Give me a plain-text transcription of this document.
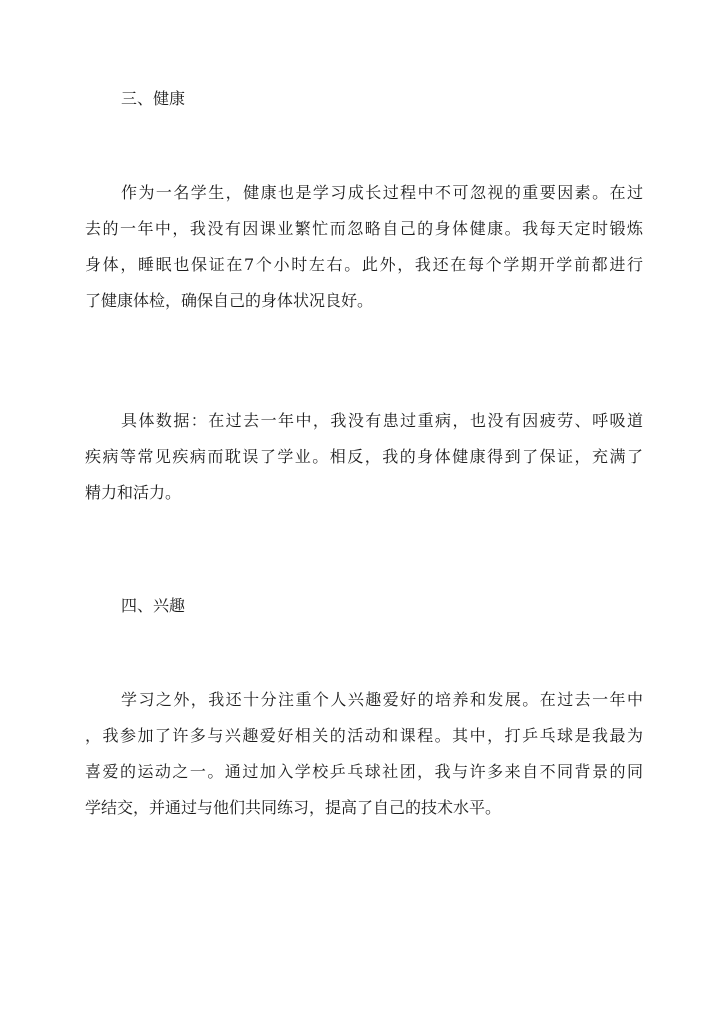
三、健康
作为一名学生，健康也是学习成长过程中不可忽视的重要因素。在过
去的一年中，我没有因课业繁忙而忽略自己的身体健康。我每天定时锻炼
身体，睡眠也保证在7个小时左右。此外，我还在每个学期开学前都进行
了健康体检，确保自己的身体状况良好。
具体数据：在过去一年中，我没有患过重病，也没有因疲劳、呼吸道
疾病等常见疾病而耽误了学业。相反，我的身体健康得到了保证，充满了
精力和活力。
四、兴趣
学习之外，我还十分注重个人兴趣爱好的培养和发展。在过去一年中
，我参加了许多与兴趣爱好相关的活动和课程。其中，打乒乓球是我最为
喜爱的运动之一。通过加入学校乒乓球社团，我与许多来自不同背景的同
学结交，并通过与他们共同练习，提高了自己的技术水平。
